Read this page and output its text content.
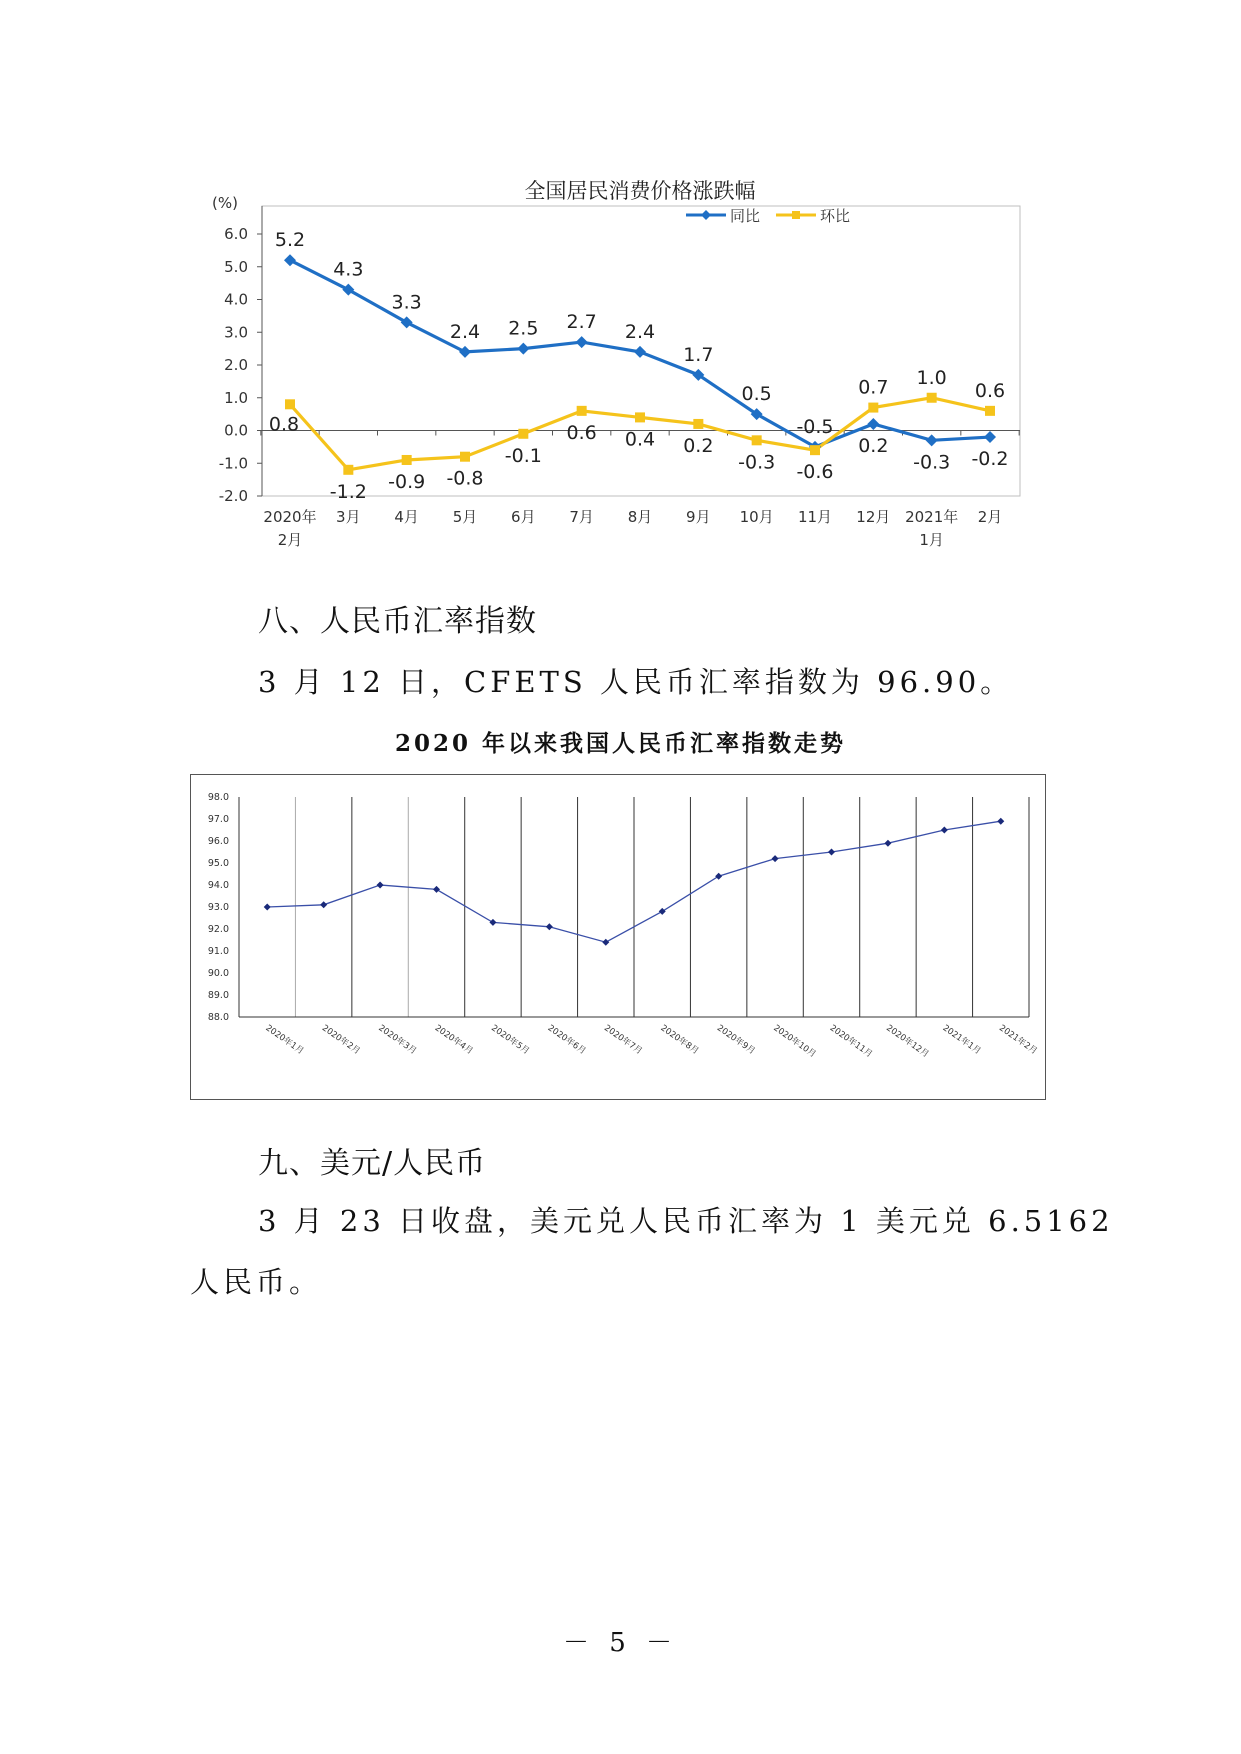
全国居民消费价格涨跌幅
(%)
6.0
5.0
4.0
3.0
2.0
1.0
0.0
-1.0
-2.0
2020年
2月
3月 4月 5月 6月 7月 8月 9月 10月 11月 12月 2021年
1月
2月
同比	环比
5.2
4.3
3.3
2.4 2.5 2.7 2.4
1.7
0.5
-0.5
0.2
-0.3 -0.2
0.8
-1.2 -0.9 -0.8
-0.1
0.6 0.4 0.2
-0.3 -0.6
0.7 1.0
0.6
八、人民币汇率指数
3 月 12 日，CFETS 人民币汇率指数为 96.90。
2020 年以来我国人民币汇率指数走势
98.0
97.0
96.0
95.0
94.0
93.0
92.0
91.0
90.0
89.0
88.0
2020年1月 2020年2月 2020年3月 2020年4月 2020年5月 2020年6月 2020年7月 2020年8月 2020年9月 2020年10月 2020年11月 2020年12月 2021年1月 2021年2月
九、美元/人民币
3 月 23 日收盘，美元兑人民币汇率为 1 美元兑 6.5162
人民币。
－ 5 －
